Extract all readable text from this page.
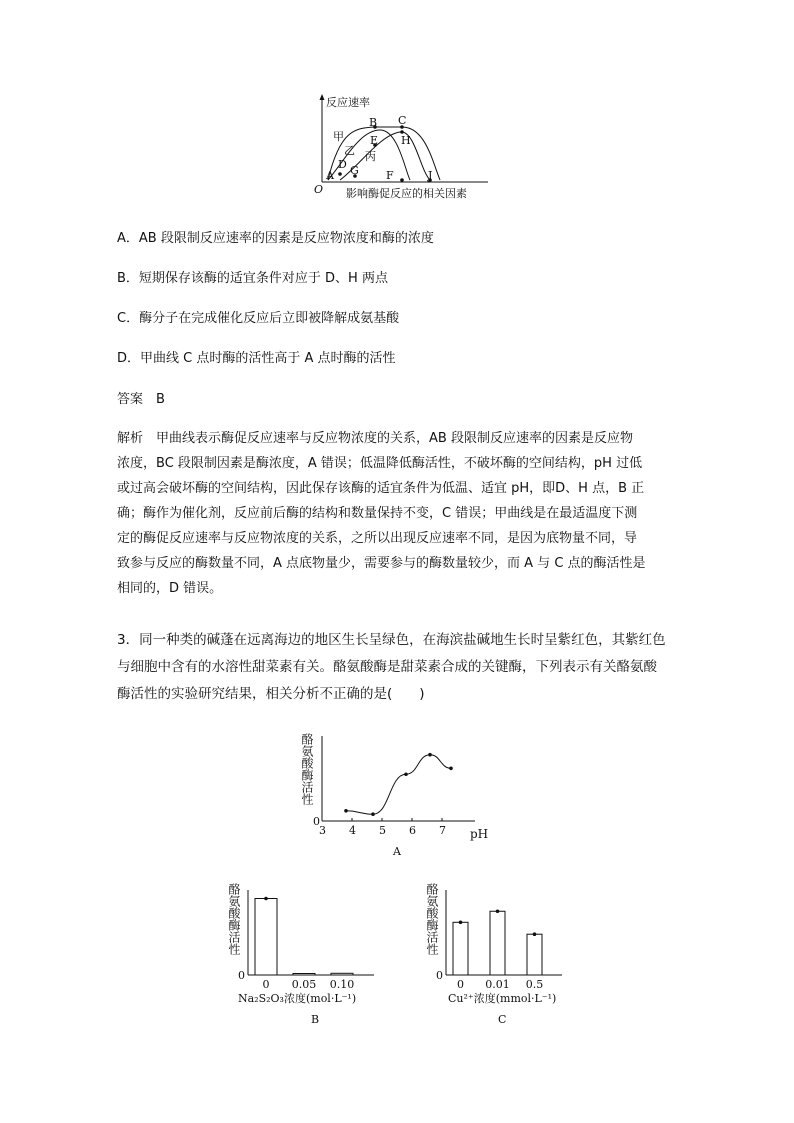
反应速率
O 影响酶促反应的相关因素
甲
乙 丙
A
B C
D
E
F
G
H
J
A．AB 段限制反应速率的因素是反应物浓度和酶的浓度
B．短期保存该酶的适宜条件对应于 D、H 两点
C．酶分子在完成催化反应后立即被降解成氨基酸
D．甲曲线 C 点时酶的活性高于 A 点时酶的活性
答案　 B
解析　 甲曲线表示酶促反应速率与反应物浓度的关系，AB 段限制反应速率的因素是反应物
浓度，BC 段限制因素是酶浓度，A 错误；低温降低酶活性，不破坏酶的空间结构，pH 过低
或过高会破坏酶的空间结构，因此保存该酶的适宜条件为低温、适宜 pH，即D、H 点，B 正
确；酶作为催化剂，反应前后酶的结构和数量保持不变，C 错误；甲曲线是在最适温度下测
定的酶促反应速率与反应物浓度的关系，之所以出现反应速率不同，是因为底物量不同，导
致参与反应的酶数量不同，A 点底物量少，需要参与的酶数量较少，而 A 与 C 点的酶活性是
相同的，D 错误。
3．同一种类的碱蓬在远离海边的地区生长呈绿色，在海滨盐碱地生长时呈紫红色，其紫红色
与细胞中含有的水溶性甜菜素有关。酪氨酸酶是甜菜素合成的关键酶，下列表示有关酪氨酸
酶活性的实验研究结果，相关分析不正确的是(　　)
酪氨酸酶活性
0
pH
A
3 4 5 6 7
酪氨酸酶活性
0
0 0.05 0.10
Na₂S₂O₃浓度(mol·L⁻¹)
B
酪氨酸酶活性
0
0 0.01 0.5
Cu²⁺浓度(mmol·L⁻¹)
C
